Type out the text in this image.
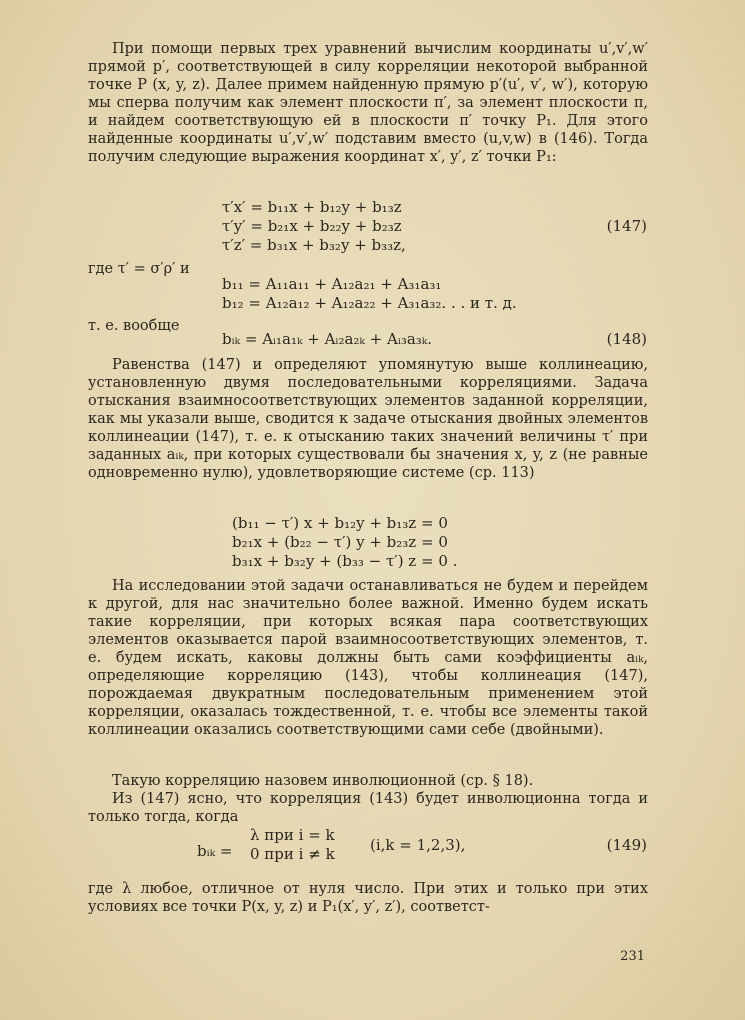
При помощи первых трех уравнений вычислим координаты u′,v′,w′ прямой p′, соответствующей в силу корреляции некоторой выбранной точке P (x, y, z). Далее примем найденную прямую p′(u′, v′, w′), которую мы сперва получим как элемент плоскости π′, за элемент плоскости π, и найдем соответствующую ей в плоскости π′ точку P₁. Для этого найденные координаты u′,v′,w′ подставим вместо (u,v,w) в (146). Тогда получим следующие выражения координат x′, y′, z′ точки P₁:
τ′x′ = b₁₁x + b₁₂y + b₁₃z
τ′y′ = b₂₁x + b₂₂y + b₂₃z
τ′z′ = b₃₁x + b₃₂y + b₃₃z,
(147)
где τ′ = σ′ρ′ и
b₁₁ = A₁₁a₁₁ + A₁₂a₂₁ + A₃₁a₃₁
b₁₂ = A₁₂a₁₂ + A₁₂a₂₂ + A₃₁a₃₂. . . и т. д.
т. е. вообще
bᵢₖ = Aᵢ₁a₁ₖ + Aᵢ₂a₂ₖ + Aᵢ₃a₃ₖ.	(148)
Равенства (147) и определяют упомянутую выше коллинеацию, установленную двумя последовательными корреляциями. Задача отыскания взаимносоответствующих элементов заданной корреляции, как мы указали выше, сводится к задаче отыскания двойных элементов коллинеации (147), т. е. к отысканию таких значений величины τ′ при заданных aᵢₖ, при которых существовали бы значения x, y, z (не равные одновременно нулю), удовлетворяющие системе (ср. 113)
(b₁₁ − τ′) x + b₁₂y + b₁₃z = 0
b₂₁x + (b₂₂ − τ′) y + b₂₃z = 0
b₃₁x + b₃₂y + (b₃₃ − τ′) z = 0 .
На исследовании этой задачи останавливаться не будем и перейдем к другой, для нас значительно более важной. Именно будем искать такие корреляции, при которых всякая пара соответствующих элементов оказывается парой взаимносоответствующих элементов, т. е. будем искать, каковы должны быть сами коэффициенты aᵢₖ, определяющие корреляцию (143), чтобы коллинеация (147), порождаемая двукратным последовательным применением этой корреляции, оказалась тождественной, т. е. чтобы все элементы такой коллинеации оказались соответствующими сами себе (двойными).
Такую корреляцию назовем инволюционной (ср. § 18).
Из (147) ясно, что корреляция (143) будет инволюционна тогда и только тогда, когда
bᵢₖ =
λ при i = k
0 при i ≠ k (i,k = 1,2,3),	(149)
где λ любое, отличное от нуля число. При этих и только при этих условиях все точки P(x, y, z) и P₁(x′, y′, z′), соответст-
231
